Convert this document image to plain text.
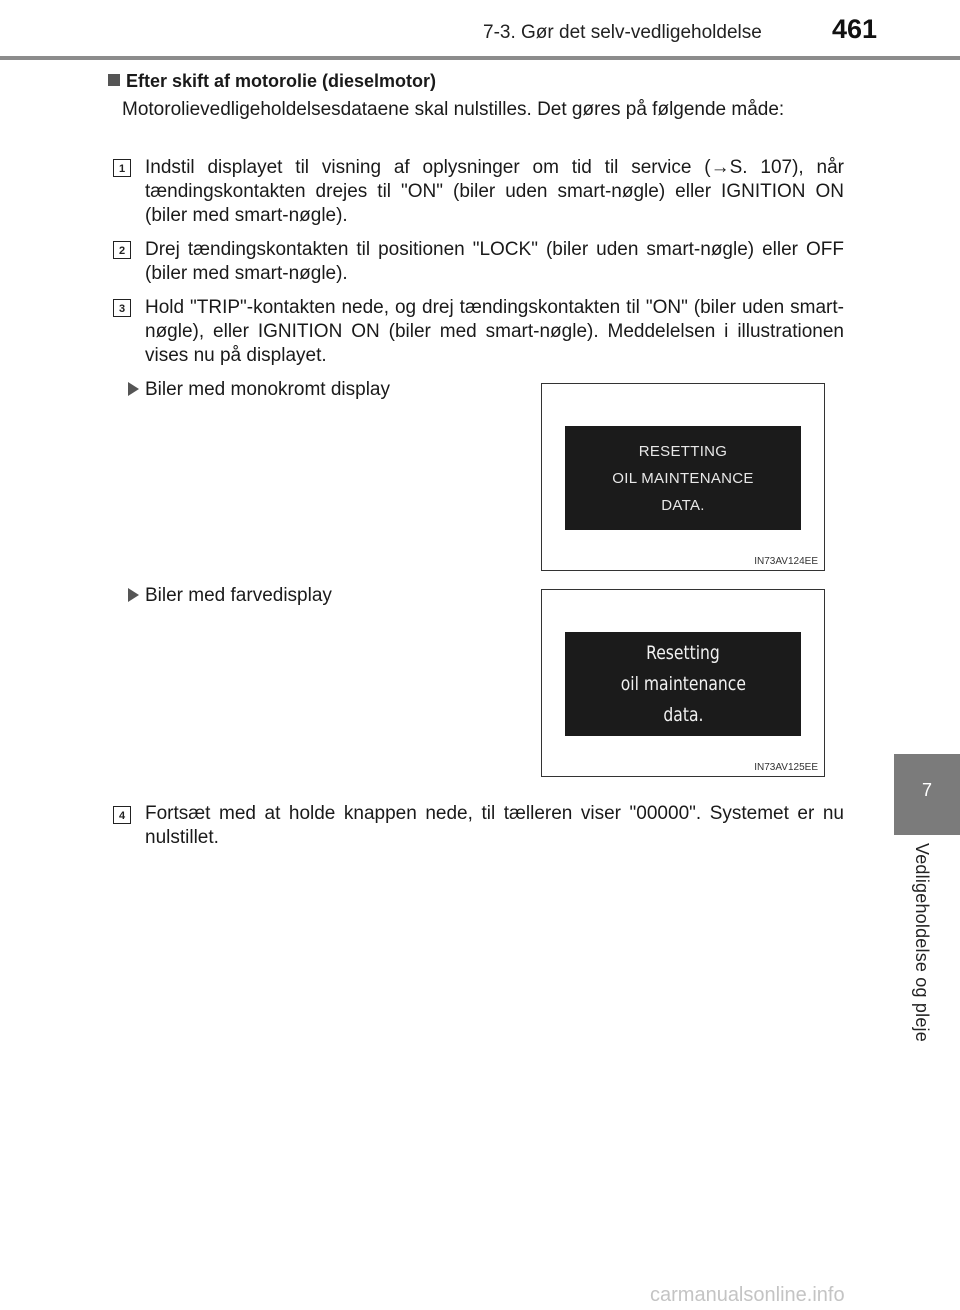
7-3. Gør det selv-vedligeholdelse	461
7
Vedligeholdelse og pleje
Efter skift af motorolie (dieselmotor)
Motorolievedligeholdelsesdataene skal nulstilles. Det gøres på følgende måde:
1	Indstil displayet til visning af oplysninger om tid til service (→S. 107), når tændingskontakten drejes til "ON" (biler uden smart-nøgle) eller IGNITION ON (biler med smart-nøgle).
2	Drej tændingskontakten til positionen "LOCK" (biler uden smart-nøgle) eller OFF (biler med smart-nøgle).
3	Hold "TRIP"-kontakten nede, og drej tændingskontakten til "ON" (biler uden smart-nøgle), eller IGNITION ON (biler med smart-nøgle). Meddelelsen i illustrationen vises nu på displayet.
Biler med monokromt display
RESETTING
OIL MAINTENANCE
DATA.
IN73AV124EE
Biler med farvedisplay
Resetting
oil maintenance
data.
IN73AV125EE
4	Fortsæt med at holde knappen nede, til tælleren viser "00000". Systemet er nu nulstillet.
carmanualsonline.info
